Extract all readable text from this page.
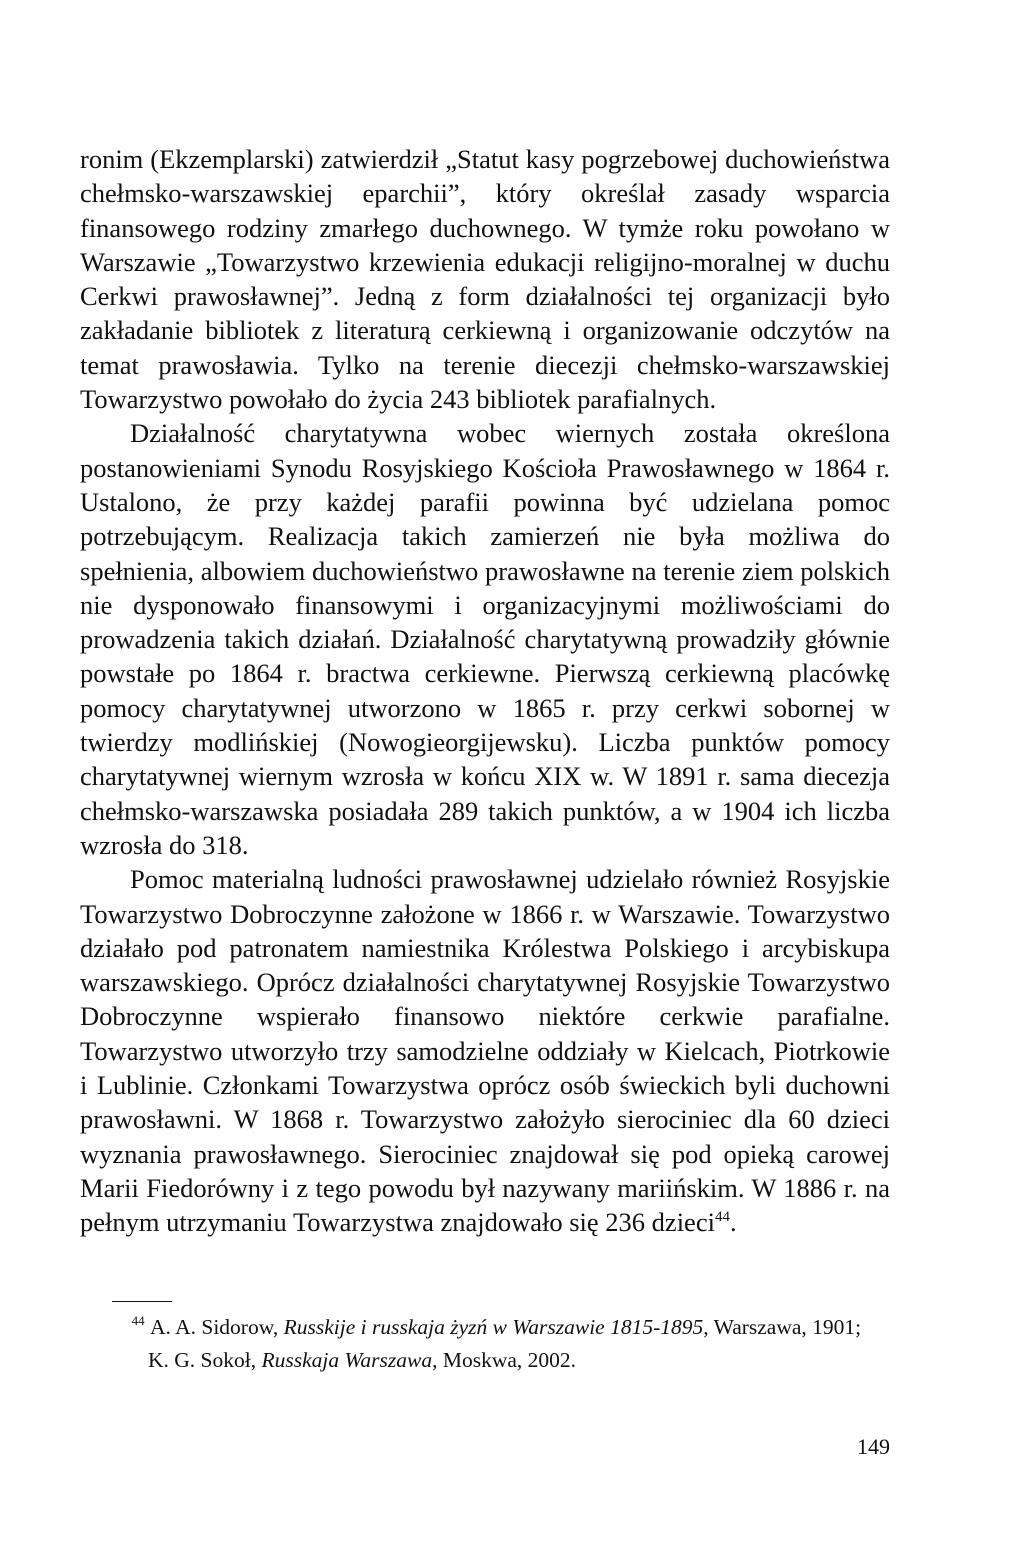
ronim (Ekzemplarski) zatwierdził „Statut kasy pogrzebowej duchowieństwa chełmsko-warszawskiej eparchii”, który określał zasady wsparcia finansowego rodziny zmarłego duchownego. W tymże roku powołano w Warszawie „Towarzystwo krzewienia edukacji religijno-moralnej w duchu Cerkwi prawosławnej”. Jedną z form działalności tej organizacji było zakładanie bibliotek z literaturą cerkiewną i organizowanie odczytów na temat prawosławia. Tylko na terenie diecezji chełmsko-warszawskiej Towarzystwo powołało do życia 243 bibliotek parafialnych.

Działalność charytatywna wobec wiernych została określona postanowieniami Synodu Rosyjskiego Kościoła Prawosławnego w 1864 r. Ustalono, że przy każdej parafii powinna być udzielana pomoc potrzebującym. Realizacja takich zamierzeń nie była możliwa do spełnienia, albowiem duchowieństwo prawosławne na terenie ziem polskich nie dysponowało finansowymi i organizacyjnymi możliwościami do prowadzenia takich działań. Działalność charytatywną prowadziły głównie powstałe po 1864 r. bractwa cerkiewne. Pierwszą cerkiewną placówkę pomocy charytatywnej utworzono w 1865 r. przy cerkwi sobornej w twierdzy modlińskiej (Nowogieorgijewsku). Liczba punktów pomocy charytatywnej wiernym wzrosła w końcu XIX w. W 1891 r. sama diecezja chełmsko-warszawska posiadała 289 takich punktów, a w 1904 ich liczba wzrosła do 318.

Pomoc materialną ludności prawosławnej udzielało również Rosyjskie Towarzystwo Dobroczynne założone w 1866 r. w Warszawie. Towarzystwo działało pod patronatem namiestnika Królestwa Polskiego i arcybiskupa warszawskiego. Oprócz działalności charytatywnej Rosyjskie Towarzystwo Dobroczynne wspierało finansowo niektóre cerkwie parafialne. Towarzystwo utworzyło trzy samodzielne oddziały w Kielcach, Piotrkowie i Lublinie. Członkami Towarzystwa oprócz osób świeckich byli duchowni prawosławni. W 1868 r. Towarzystwo założyło sierociniec dla 60 dzieci wyznania prawosławnego. Sierociniec znajdował się pod opieką carowej Marii Fiedorówny i z tego powodu był nazywany mariińskim. W 1886 r. na pełnym utrzymaniu Towarzystwa znajdowało się 236 dzieci$^{44}$.

$^{44}$ A. A. Sidorow, Russkije i russkaja żyzń w Warszawie 1815-1895, Warszawa, 1901;
K. G. Sokoł, Russkaja Warszawa, Moskwa, 2002.
149
